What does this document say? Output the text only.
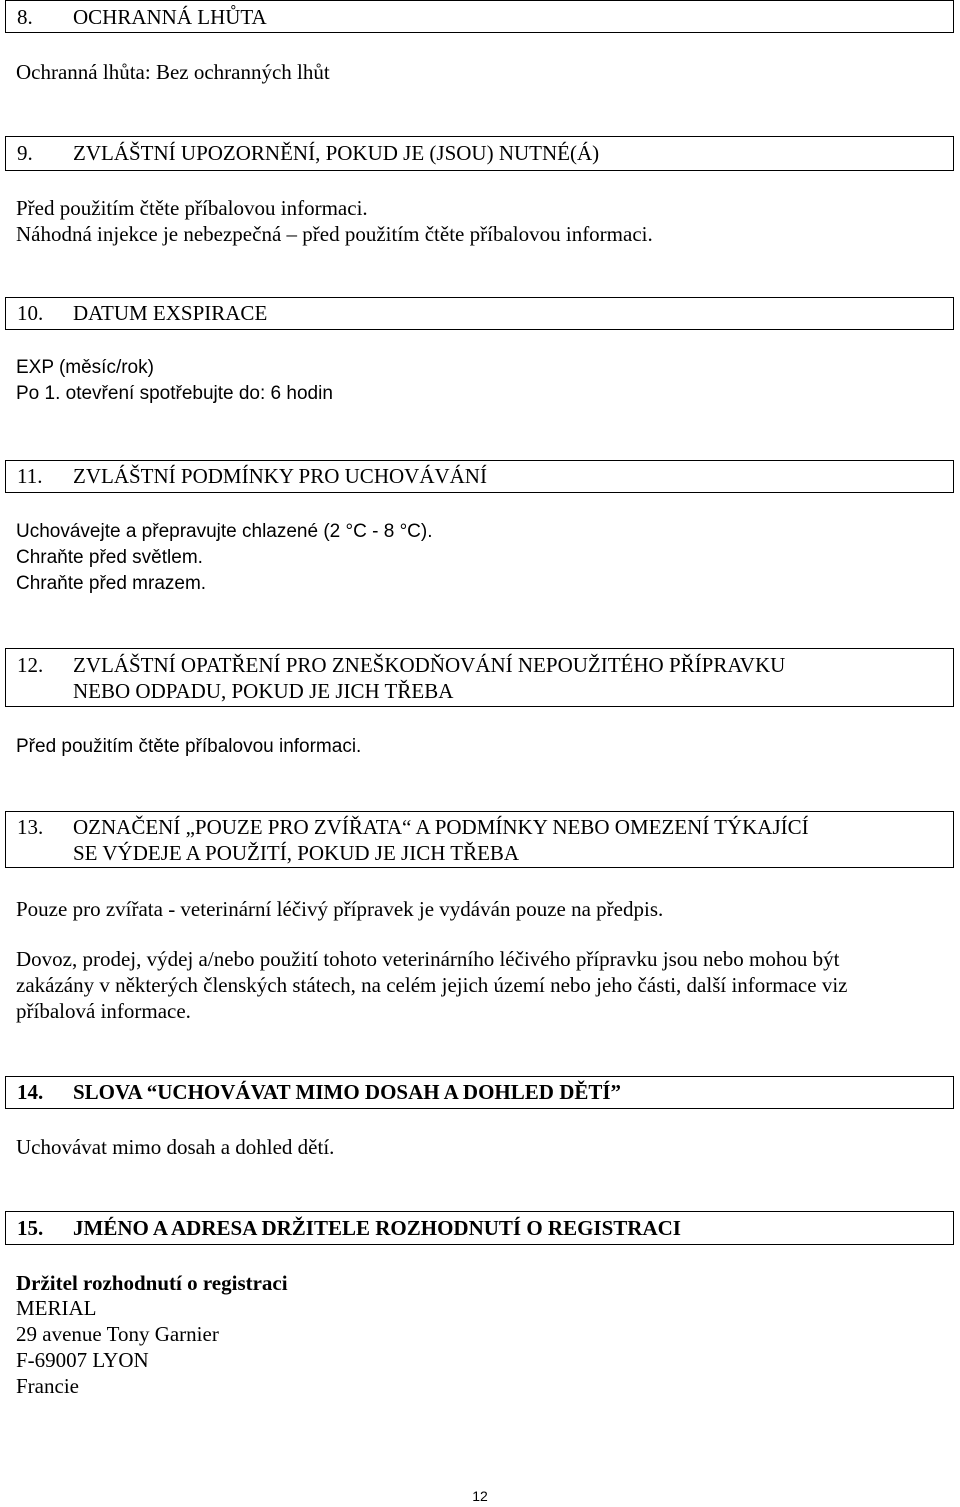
8. OCHRANNÁ LHŮTA

Ochranná lhůta: Bez ochranných lhůt

9. ZVLÁŠTNÍ UPOZORNĚNÍ, POKUD JE (JSOU) NUTNÉ(Á)

Před použitím čtěte příbalovou informaci.

Náhodná injekce je nebezpečná – před použitím čtěte příbalovou informaci.

10. DATUM EXSPIRACE

EXP (měsíc/rok)

Po 1. otevření spotřebujte do: 6 hodin

11. ZVLÁŠTNÍ PODMÍNKY PRO UCHOVÁVÁNÍ

Uchovávejte a přepravujte chlazené (2 °C - 8 °C).

Chraňte před světlem.

Chraňte před mrazem.

12. ZVLÁŠTNÍ OPATŘENÍ PRO ZNEŠKODŇOVÁNÍ NEPOUŽITÉHO PŘÍPRAVKU
NEBO ODPADU, POKUD JE JICH TŘEBA

Před použitím čtěte příbalovou informaci.

13. OZNAČENÍ „POUZE PRO ZVÍŘATA“ A PODMÍNKY NEBO OMEZENÍ TÝKAJÍCÍ
SE VÝDEJE A POUŽITÍ, POKUD JE JICH TŘEBA

Pouze pro zvířata - veterinární léčivý přípravek je vydáván pouze na předpis.

Dovoz, prodej, výdej a/nebo použití tohoto veterinárního léčivého přípravku jsou nebo mohou být

zakázány v některých členských státech, na celém jejich území nebo jeho části, další informace viz

příbalová informace.

14. SLOVA “UCHOVÁVAT MIMO DOSAH A DOHLED DĚTÍ”

Uchovávat mimo dosah a dohled dětí.

15. JMÉNO A ADRESA DRŽITELE ROZHODNUTÍ O REGISTRACI

Držitel rozhodnutí o registraci

MERIAL

29 avenue Tony Garnier

F-69007 LYON

Francie

12
